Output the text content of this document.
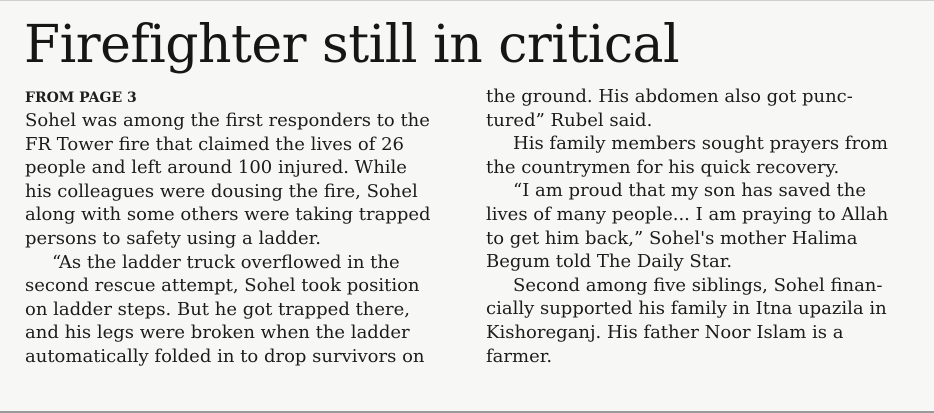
Firefighter still in critical
FROM PAGE 3
Sohel was among the first responders to the
FR Tower fire that claimed the lives of 26
people and left around 100 injured. While
his colleagues were dousing the fire, Sohel
along with some others were taking trapped
persons to safety using a ladder.
“As the ladder truck overflowed in the
second rescue attempt, Sohel took position
on ladder steps. But he got trapped there,
and his legs were broken when the ladder
automatically folded in to drop survivors on
the ground. His abdomen also got punc-
tured” Rubel said.
His family members sought prayers from
the countrymen for his quick recovery.
“I am proud that my son has saved the
lives of many people... I am praying to Allah
to get him back,” Sohel's mother Halima
Begum told The Daily Star.
Second among five siblings, Sohel finan-
cially supported his family in Itna upazila in
Kishoreganj. His father Noor Islam is a
farmer.
